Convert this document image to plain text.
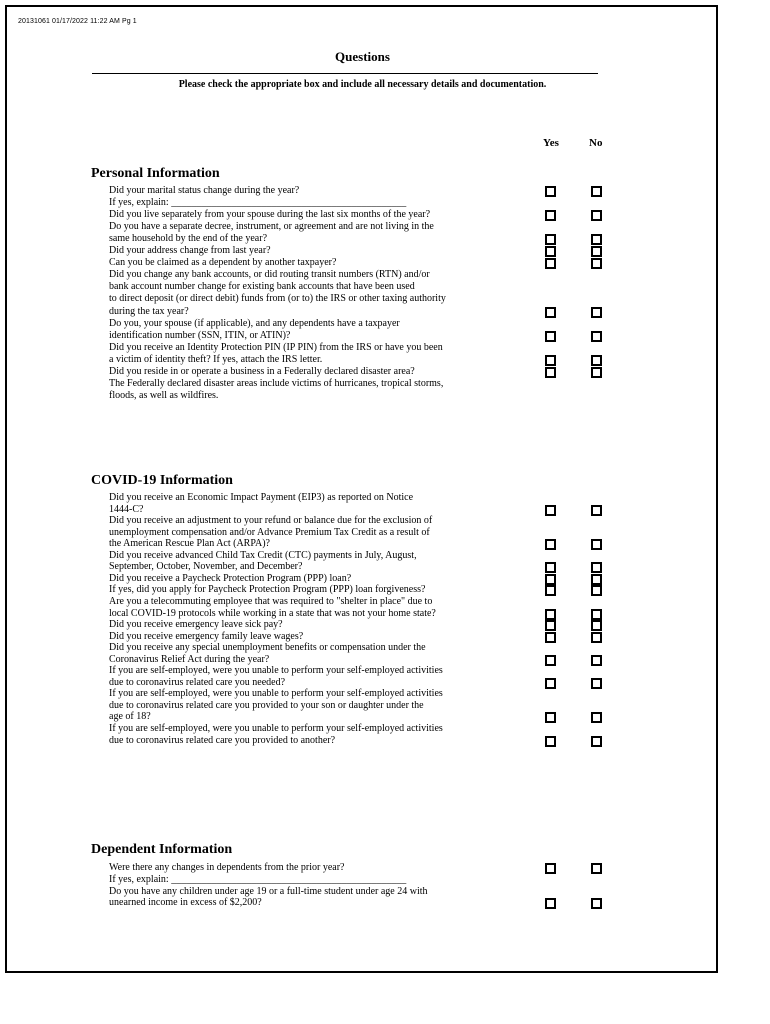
20131061 01/17/2022 11:22 AM Pg 1
Questions
Please check the appropriate box and include all necessary details and documentation.
Yes	No
Personal Information
Did your marital status change during the year?
If yes, explain: _______________________________________________
Did you live separately from your spouse during the last six months of the year?
Do you have a separate decree, instrument, or agreement and are not living in the
same household by the end of the year?
Did your address change from last year?
Can you be claimed as a dependent by another taxpayer?
Did you change any bank accounts, or did routing transit numbers (RTN) and/or
bank account number change for existing bank accounts that have been used
to direct deposit (or direct debit) funds from (or to) the IRS or other taxing authority
during the tax year?
Do you, your spouse (if applicable), and any dependents have a taxpayer
identification number (SSN, ITIN, or ATIN)?
Did you receive an Identity Protection PIN (IP PIN) from the IRS or have you been
a victim of identity theft? If yes, attach the IRS letter.
Did you reside in or operate a business in a Federally declared disaster area?
The Federally declared disaster areas include victims of hurricanes, tropical storms,
floods, as well as wildfires.
COVID-19 Information
Did you receive an Economic Impact Payment (EIP3) as reported on Notice
1444-C?
Did you receive an adjustment to your refund or balance due for the exclusion of
unemployment compensation and/or Advance Premium Tax Credit as a result of
the American Rescue Plan Act (ARPA)?
Did you receive advanced Child Tax Credit (CTC) payments in July, August,
September, October, November, and December?
Did you receive a Paycheck Protection Program (PPP) loan?
If yes, did you apply for Paycheck Protection Program (PPP) loan forgiveness?
Are you a telecommuting employee that was required to "shelter in place" due to
local COVID-19 protocols while working in a state that was not your home state?
Did you receive emergency leave sick pay?
Did you receive emergency family leave wages?
Did you receive any special unemployment benefits or compensation under the
Coronavirus Relief Act during the year?
If you are self-employed, were you unable to perform your self-employed activities
due to coronavirus related care you needed?
If you are self-employed, were you unable to perform your self-employed activities
due to coronavirus related care you provided to your son or daughter under the
age of 18?
If you are self-employed, were you unable to perform your self-employed activities
due to coronavirus related care you provided to another?
Dependent Information
Were there any changes in dependents from the prior year?
If yes, explain: _______________________________________________
Do you have any children under age 19 or a full-time student under age 24 with
unearned income in excess of $2,200?
